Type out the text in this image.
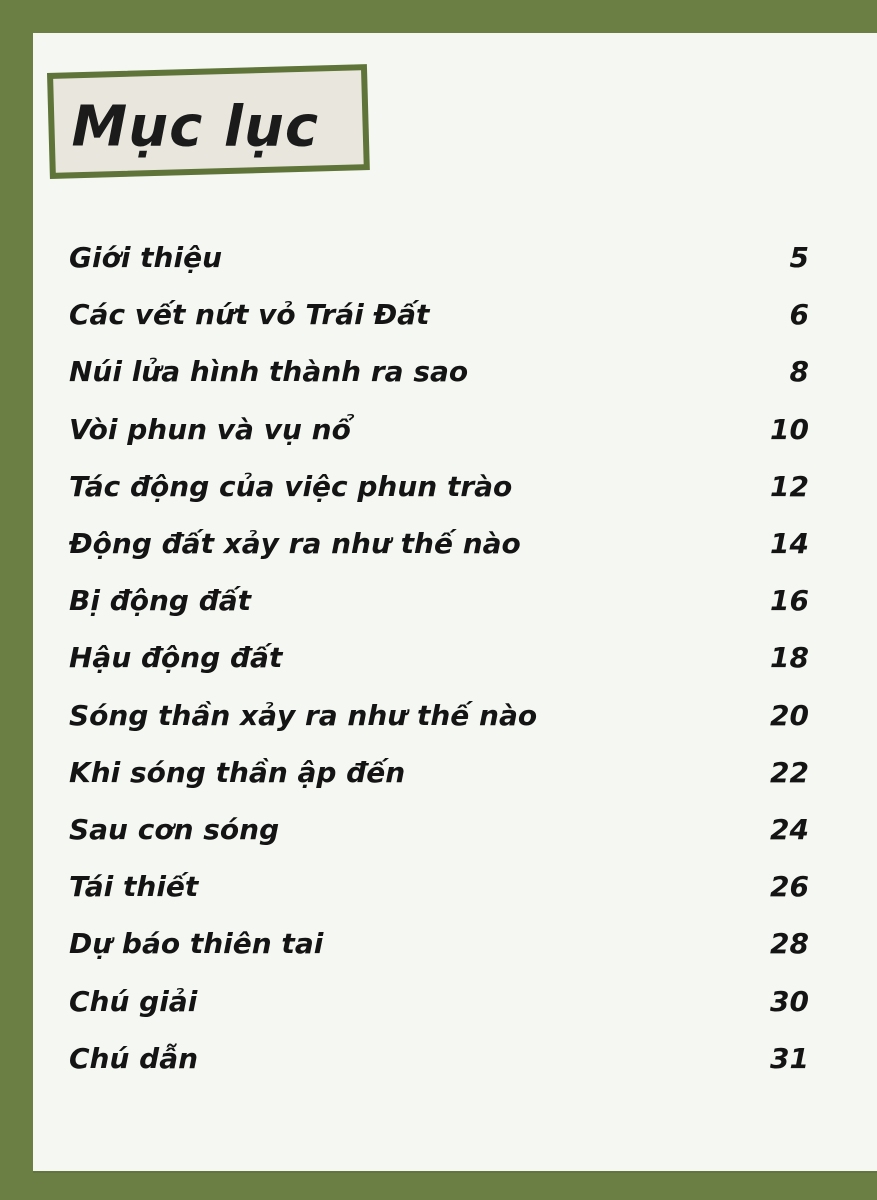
Mục lục
Giới thiệu	5
Các vết nứt vỏ Trái Đất	6
Núi lửa hình thành ra sao	8
Vòi phun và vụ nổ	10
Tác động của việc phun trào	12
Động đất xảy ra như thế nào	14
Bị động đất	16
Hậu động đất	18
Sóng thần xảy ra như thế nào	20
Khi sóng thần ập đến	22
Sau cơn sóng	24
Tái thiết	26
Dự báo thiên tai	28
Chú giải	30
Chú dẫn	31
